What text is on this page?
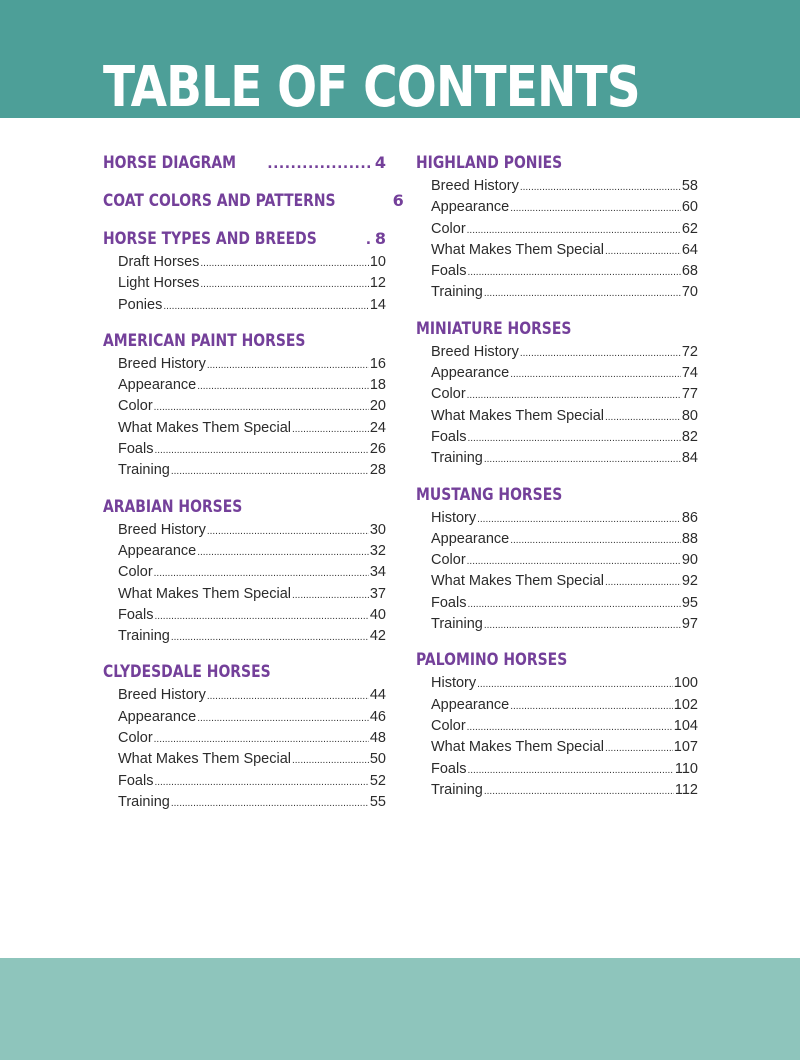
TABLE OF CONTENTS
HORSE DIAGRAM .....	4
COAT COLORS AND PATTERNS	6
HORSE TYPES AND BREEDS .....	8
Draft Horses .....	10
Light Horses .....	12
Ponies .....	14
AMERICAN PAINT HORSES
Breed History .....	16
Appearance .....	18
Color .....	20
What Makes Them Special .....	24
Foals .....	26
Training .....	28
ARABIAN HORSES
Breed History .....	30
Appearance .....	32
Color .....	34
What Makes Them Special .....	37
Foals .....	40
Training .....	42
CLYDESDALE HORSES
Breed History .....	44
Appearance .....	46
Color .....	48
What Makes Them Special .....	50
Foals .....	52
Training .....	55
HIGHLAND PONIES
Breed History .....	58
Appearance .....	60
Color .....	62
What Makes Them Special .....	64
Foals .....	68
Training .....	70
MINIATURE HORSES
Breed History .....	72
Appearance .....	74
Color .....	77
What Makes Them Special .....	80
Foals .....	82
Training .....	84
MUSTANG HORSES
History .....	86
Appearance .....	88
Color .....	90
What Makes Them Special .....	92
Foals .....	95
Training .....	97
PALOMINO HORSES
History .....	100
Appearance .....	102
Color .....	104
What Makes Them Special .....	107
Foals .....	110
Training .....	112
